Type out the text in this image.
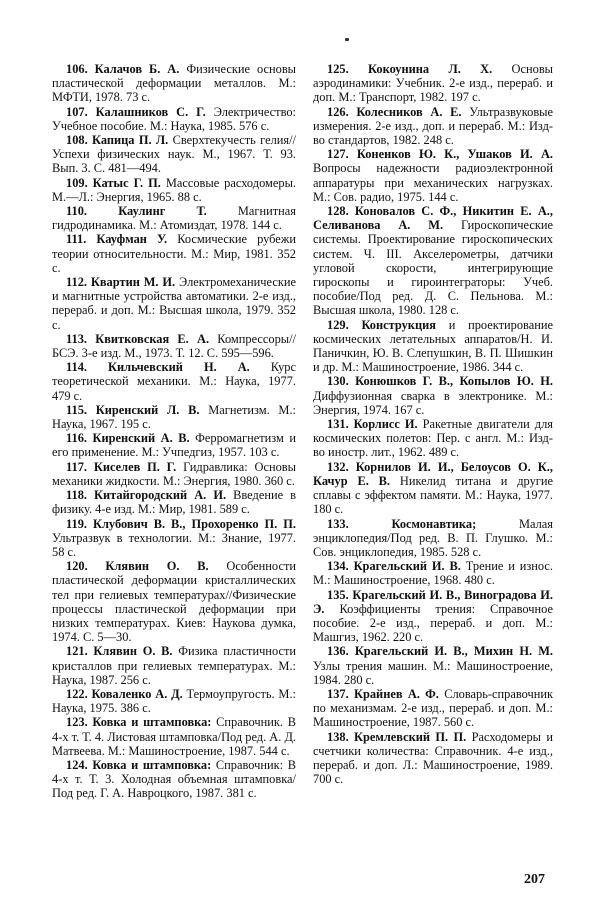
106. Калачов Б. А. Физические основы пластической деформации металлов. М.: МФТИ, 1978. 73 с.
107. Калашников С. Г. Электричество: Учебное пособие. М.: Наука, 1985. 576 с.
108. Капица П. Л. Сверхтекучесть гелия//Успехи физических наук. М., 1967. Т. 93. Вып. 3. С. 481—494.
109. Катыс Г. П. Массовые расходомеры. М.—Л.: Энергия, 1965. 88 с.
110. Каулинг Т.	Магнитная гидродинамика. М.: Атомиздат, 1978. 144 с.
111. Кауфман У. Космические рубежи теории относительности. М.: Мир, 1981. 352 с.
112. Квартин М. И. Электромеханические и магнитные устройства автоматики. 2-е изд., перераб. и доп. М.: Высшая школа, 1979. 352 с.
113. Квитковская Е. А. Компрессоры//БСЭ. 3-е изд. М., 1973. Т. 12. С. 595—596.
114. Кильчевский Н. А. Курс теоретической механики. М.: Наука, 1977. 479 с.
115. Киренский Л. В. Магнетизм. М.: Наука, 1967. 195 с.
116. Киренский А. В. Ферромагнетизм и его применение. М.: Учпедгиз, 1957. 103 с.
117. Киселев П. Г. Гидравлика: Основы механики жидкости. М.: Энергия, 1980. 360 с.
118. Китайгородский А. И. Введение в физику. 4-е изд. М.: Мир, 1981. 589 с.
119. Клубович В. В., Прохоренко П. П. Ультразвук в технологии. М.: Знание, 1977. 58 с.
120. Клявин О. В. Особенности пластической деформации кристаллических тел при гелиевых температурах//Физические процессы пластической деформации при низких температурах. Киев: Наукова думка, 1974. С. 5—30.
121. Клявин О. В. Физика пластичности кристаллов при гелиевых температурах. М.: Наука, 1987. 256 с.
122. Коваленко А. Д. Термоупругость. М.: Наука, 1975. 386 с.
123. Ковка и штамповка: Справочник. В 4-х т. Т. 4. Листовая штамповка/Под ред. А. Д. Матвеева. М.: Машиностроение, 1987. 544 с.
124. Ковка и штамповка: Справочник: В 4-х т. Т. 3. Холодная объемная штамповка/Под ред. Г. А. Навроцкого, 1987. 381 с.
125. Кокоунина Л. Х. Основы аэродинамики: Учебник. 2-е изд., перераб. и доп. М.: Транспорт, 1982. 197 с.
126. Колесников А. Е. Ультразвуковые измерения. 2-е изд., доп. и перераб. М.: Изд-во стандартов, 1982. 248 с.
127. Коненков Ю. К., Ушаков И. А. Вопросы надежности радиоэлектронной аппаратуры при механических нагрузках. М.: Сов. радио, 1975. 144 с.
128. Коновалов С. Ф., Никитин Е. А., Селиванова А. М. Гироскопические системы. Проектирование гироскопических систем. Ч. III. Акселерометры, датчики угловой скорости, интегрирующие гироскопы и гироинтеграторы: Учеб. пособие/Под ред. Д. С. Пельнова. М.: Высшая школа, 1980. 128 с.
129. Конструкция и проектирование космических летательных аппаратов/Н. И. Паничкин, Ю. В. Слепушкин, В. П. Шишкин и др. М.: Машиностроение, 1986. 344 с.
130. Конюшков Г. В., Копылов Ю. Н. Диффузионная сварка в электронике. М.: Энергия, 1974. 167 с.
131. Корлисс И. Ракетные двигатели для космических полетов: Пер. с англ. М.: Изд-во иностр. лит., 1962. 489 с.
132. Корнилов И. И., Белоусов О. К., Качур Е. В. Никелид титана и другие сплавы с эффектом памяти. М.: Наука, 1977. 180 с.
133. Космонавтика;	Малая энциклопедия/Под ред. В. П. Глушко. М.: Сов. энциклопедия, 1985. 528 с.
134. Крагельский И. В. Трение и износ. М.: Машиностроение, 1968. 480 с.
135. Крагельский И. В., Виноградова И. Э. Коэффициенты трения: Справочное пособие. 2-е изд., перераб. и доп. М.: Машгиз, 1962. 220 с.
136. Крагельский И. В., Михин Н. М. Узлы трения машин. М.: Машиностроение, 1984. 280 с.
137. Крайнев А. Ф. Словарь-справочник по механизмам. 2-е изд., перераб. и доп. М.: Машиностроение, 1987. 560 с.
138. Кремлевский П. П. Расходомеры и счетчики количества: Справочник. 4-е изд., перераб. и доп. Л.: Машиностроение, 1989. 700 с.
207
